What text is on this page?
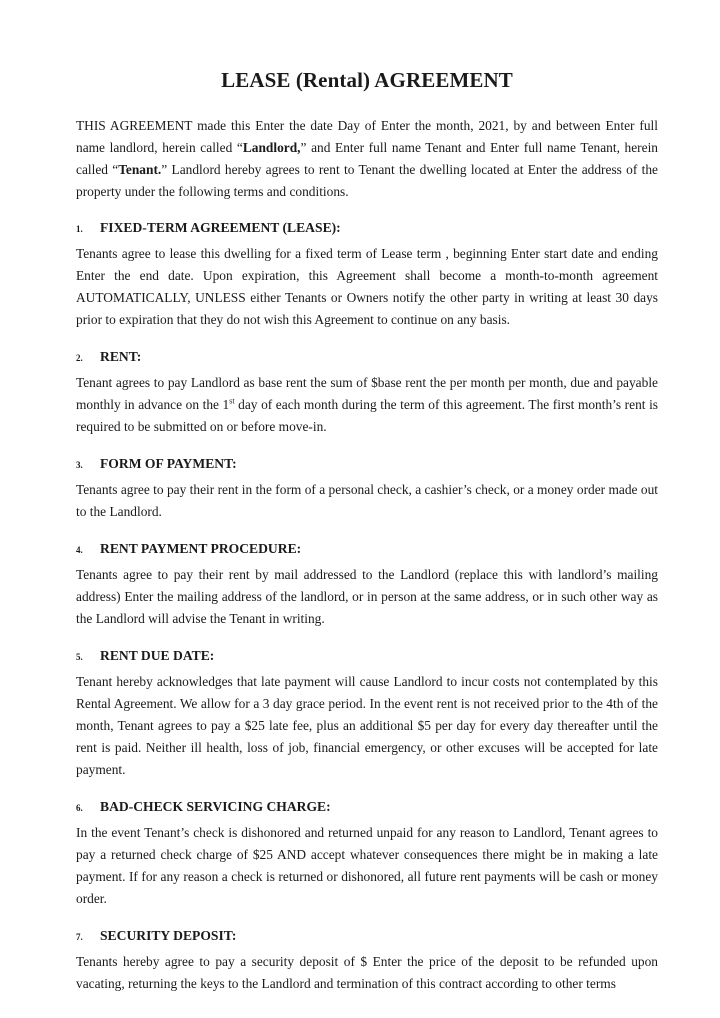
LEASE (Rental) AGREEMENT

THIS AGREEMENT made this Enter the date Day of Enter the month, 2021, by and between Enter full name landlord, herein called “Landlord,” and Enter full name Tenant and Enter full name Tenant, herein called “Tenant.” Landlord hereby agrees to rent to Tenant the dwelling located at Enter the address of the property under the following terms and conditions.

1.	FIXED-TERM AGREEMENT (LEASE):

Tenants agree to lease this dwelling for a fixed term of Lease term , beginning Enter start date and ending Enter the end date. Upon expiration, this Agreement shall become a month-to-month agreement AUTOMATICALLY, UNLESS either Tenants or Owners notify the other party in writing at least 30 days prior to expiration that they do not wish this Agreement to continue on any basis.

2.	RENT:

Tenant agrees to pay Landlord as base rent the sum of $base rent the per month per month, due and payable monthly in advance on the 1st day of each month during the term of this agreement. The first month’s rent is required to be submitted on or before move-in.

3.	FORM OF PAYMENT:

Tenants agree to pay their rent in the form of a personal check, a cashier’s check, or a money order made out to the Landlord.

4.	RENT PAYMENT PROCEDURE:

Tenants agree to pay their rent by mail addressed to the Landlord (replace this with landlord’s mailing address) Enter the mailing address of the landlord, or in person at the same address, or in such other way as the Landlord will advise the Tenant in writing.

5.	RENT DUE DATE:

Tenant hereby acknowledges that late payment will cause Landlord to incur costs not contemplated by this Rental Agreement. We allow for a 3 day grace period. In the event rent is not received prior to the 4th of the month, Tenant agrees to pay a $25 late fee, plus an additional $5 per day for every day thereafter until the rent is paid. Neither ill health, loss of job, financial emergency, or other excuses will be accepted for late payment.

6.	BAD-CHECK SERVICING CHARGE:

In the event Tenant’s check is dishonored and returned unpaid for any reason to Landlord, Tenant agrees to pay a returned check charge of $25 AND accept whatever consequences there might be in making a late payment. If for any reason a check is returned or dishonored, all future rent payments will be cash or money order.

7.	SECURITY DEPOSIT:

Tenants hereby agree to pay a security deposit of $ Enter the price of the deposit to be refunded upon vacating, returning the keys to the Landlord and termination of this contract according to other terms
